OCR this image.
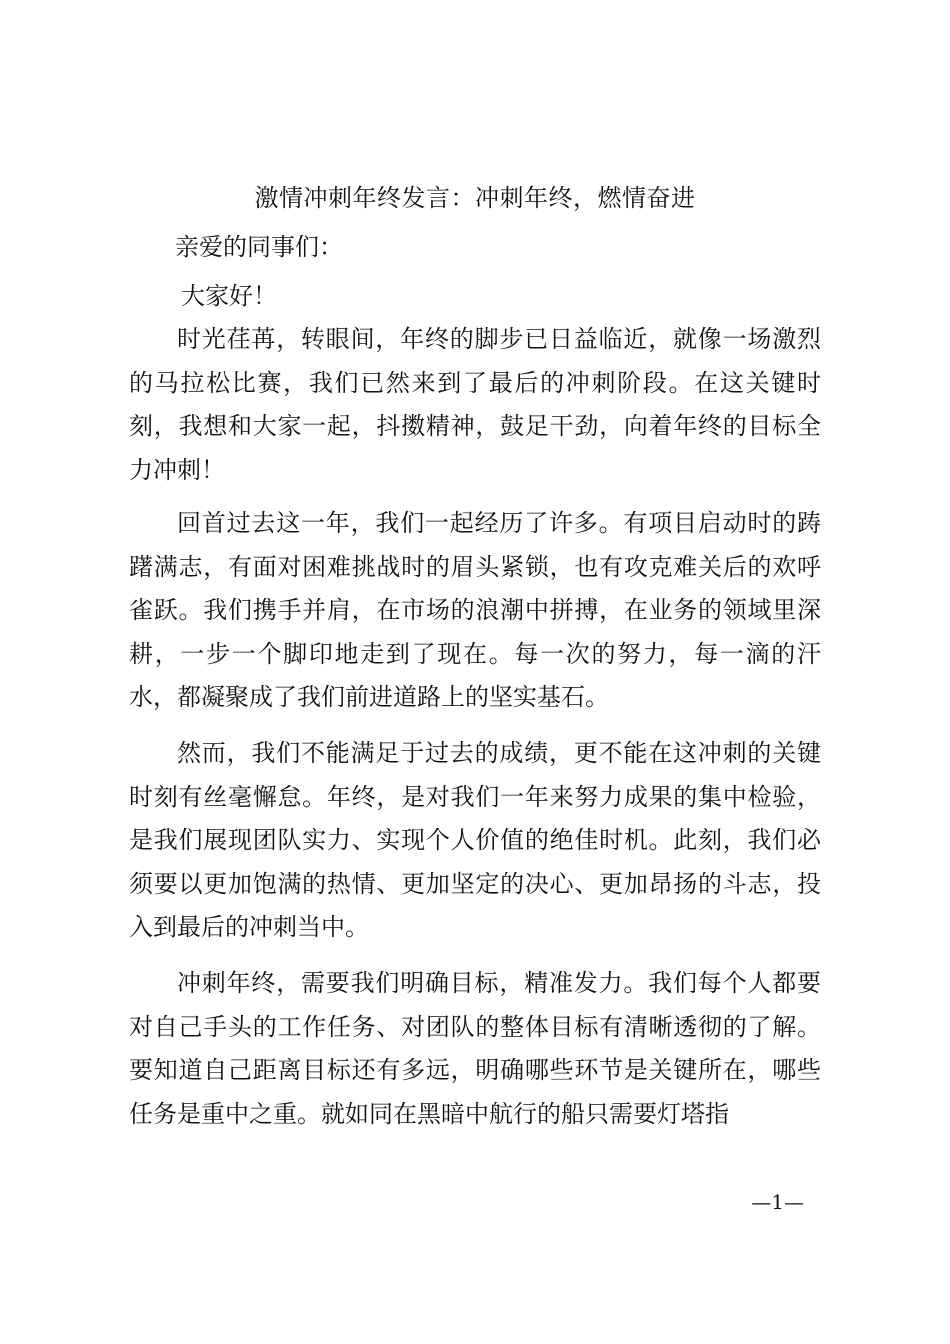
激情冲刺年终发言：冲刺年终，燃情奋进
亲爱的同事们：
大家好！

时光荏苒，转眼间，年终的脚步已日益临近，就像一场激烈的马拉松比赛，我们已然来到了最后的冲刺阶段。在这关键时刻，我想和大家一起，抖擞精神，鼓足干劲，向着年终的目标全力冲刺！

回首过去这一年，我们一起经历了许多。有项目启动时的踌躇满志，有面对困难挑战时的眉头紧锁，也有攻克难关后的欢呼雀跃。我们携手并肩，在市场的浪潮中拼搏，在业务的领域里深耕，一步一个脚印地走到了现在。每一次的努力，每一滴的汗水，都凝聚成了我们前进道路上的坚实基石。

然而，我们不能满足于过去的成绩，更不能在这冲刺的关键时刻有丝毫懈怠。年终，是对我们一年来努力成果的集中检验，是我们展现团队实力、实现个人价值的绝佳时机。此刻，我们必须要以更加饱满的热情、更加坚定的决心、更加昂扬的斗志，投入到最后的冲刺当中。

冲刺年终，需要我们明确目标，精准发力。我们每个人都要对自己手头的工作任务、对团队的整体目标有清晰透彻的了解。要知道自己距离目标还有多远，明确哪些环节是关键所在，哪些任务是重中之重。就如同在黑暗中航行的船只需要灯塔指

—1—
